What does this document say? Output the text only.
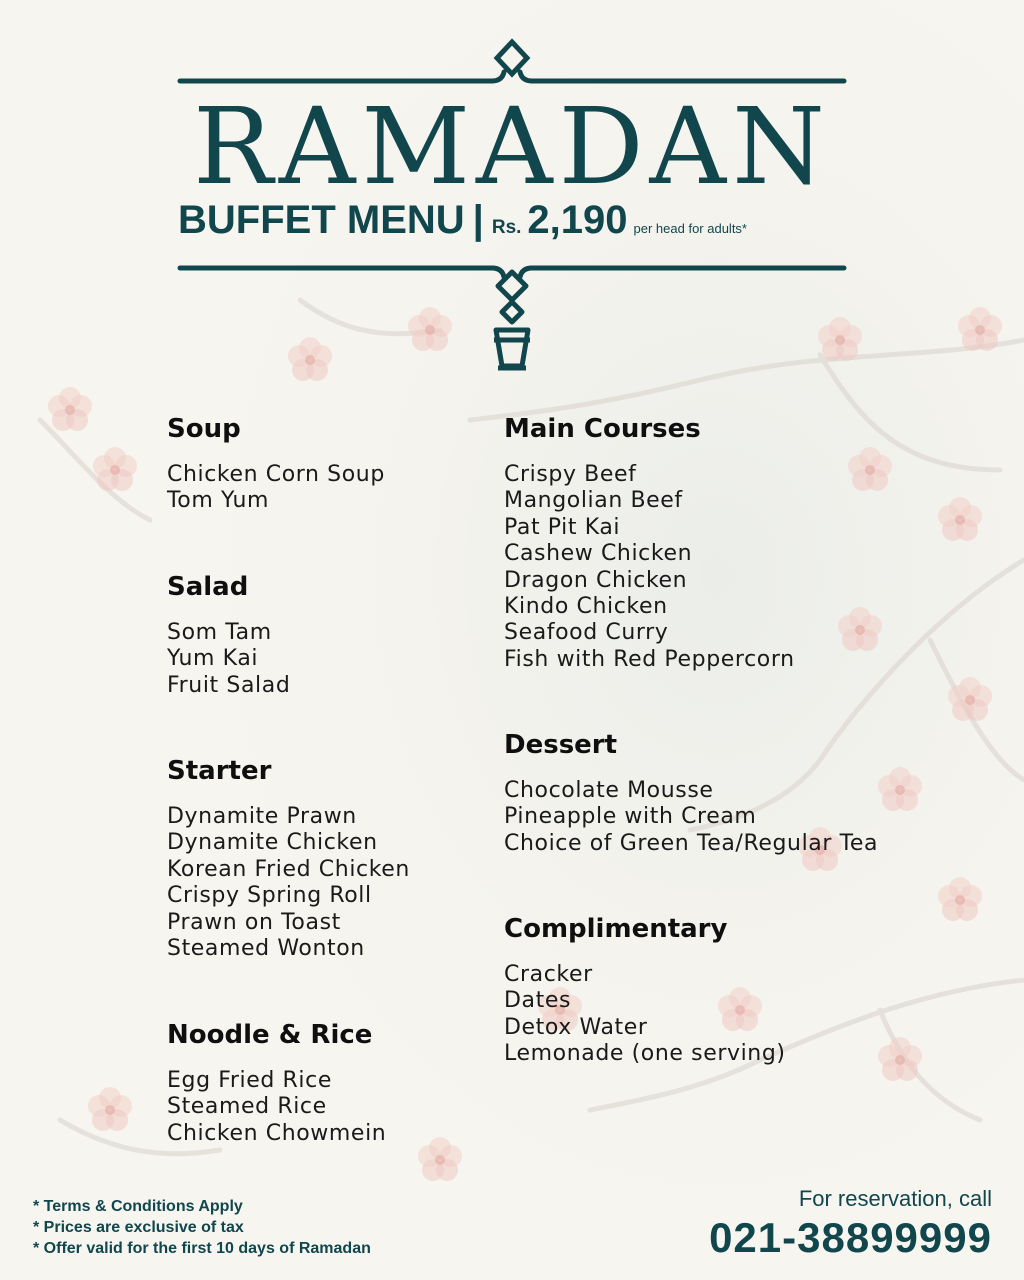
RAMADAN
BUFFET MENU | Rs. 2,190 per head for adults*
Soup
Chicken Corn Soup
Tom Yum
Salad
Som Tam
Yum Kai
Fruit Salad
Starter
Dynamite Prawn
Dynamite Chicken
Korean Fried Chicken
Crispy Spring Roll
Prawn on Toast
Steamed Wonton
Noodle & Rice
Egg Fried Rice
Steamed Rice
Chicken Chowmein
Main Courses
Crispy Beef
Mangolian Beef
Pat Pit Kai
Cashew Chicken
Dragon Chicken
Kindo Chicken
Seafood Curry
Fish with Red Peppercorn
Dessert
Chocolate Mousse
Pineapple with Cream
Choice of Green Tea/Regular Tea
Complimentary
Cracker
Dates
Detox Water
Lemonade (one serving)
* Terms & Conditions Apply
* Prices are exclusive of tax
* Offer valid for the first 10 days of Ramadan
For reservation, call
021-38899999
